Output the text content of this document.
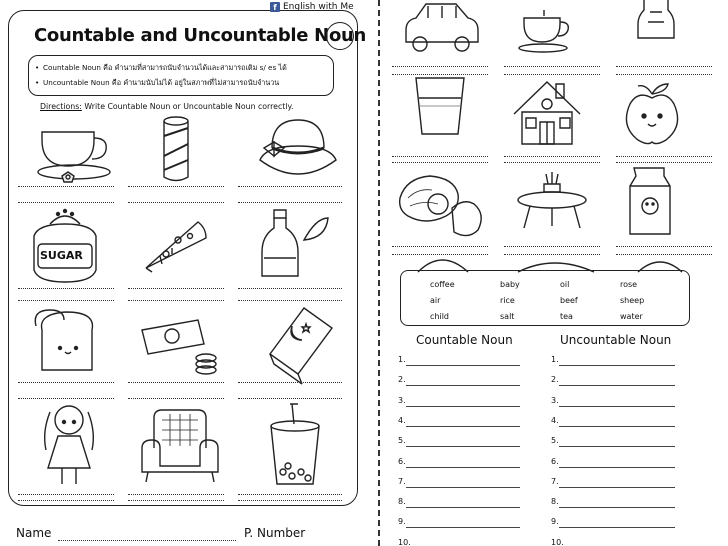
f English with Me
Countable and Uncountable Noun
• Countable Noun คือ คำนามที่สามารถนับจำนวนได้และสามารถเติม s/ es ได้
• Uncountable Noun คือ คำนามนับไม่ได้ อยู่ในสภาพที่ไม่สามารถนับจำนวน
Directions: Write Countable Noun or Uncountable Noun correctly.
SUGAR
Name	P. Number
coffee	baby	oil	rose
air	rice	beef	sheep
child	salt	tea	water
Countable Noun	Uncountable Noun
1.	1.
2.	2.
3.	3.
4.	4.
5.	5.
6.	6.
7.	7.
8.	8.
9.	9.
10.	10.
